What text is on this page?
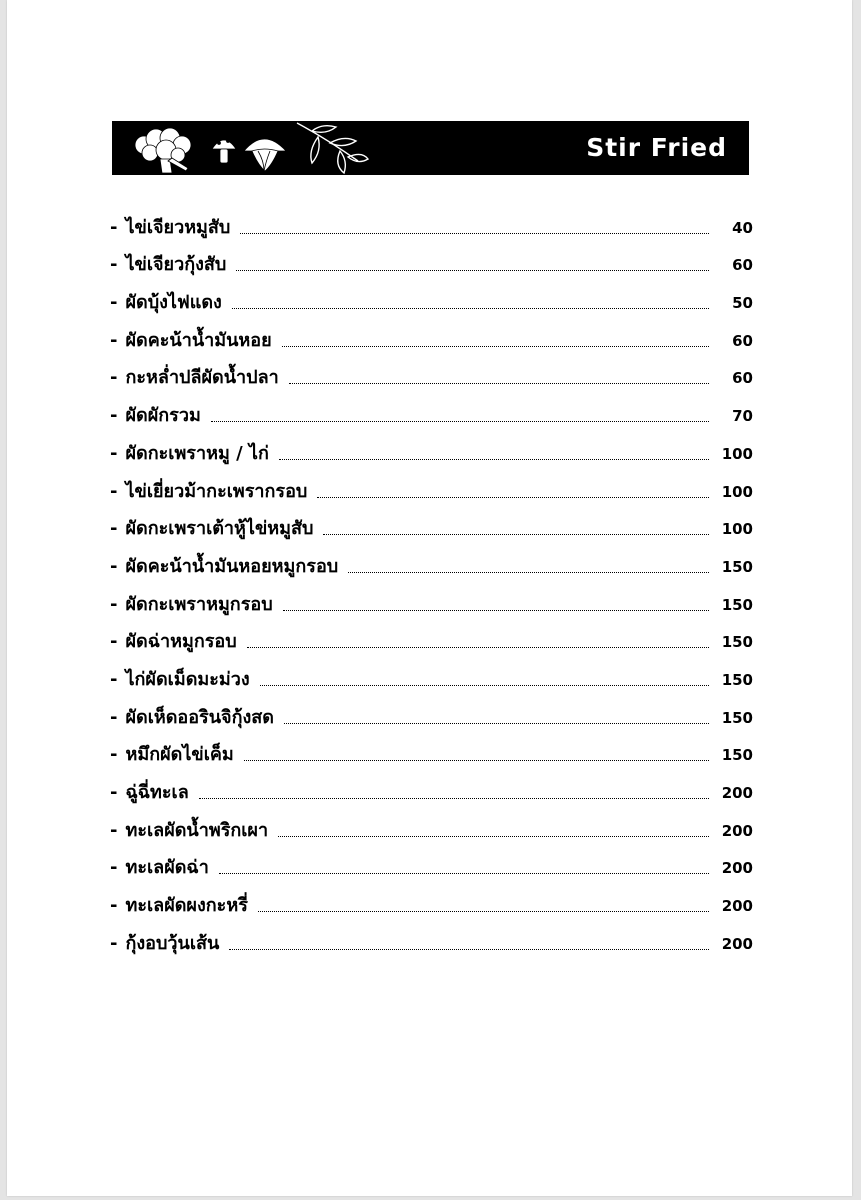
Stir Fried
- ไข่เจียวหมูสับ	40
- ไข่เจียวกุ้งสับ	60
- ผัดบุ้งไฟแดง	50
- ผัดคะน้าน้ำมันหอย	60
- กะหล่ำปลีผัดน้ำปลา	60
- ผัดผักรวม	70
- ผัดกะเพราหมู / ไก่	100
- ไข่เยี่ยวม้ากะเพรากรอบ	100
- ผัดกะเพราเต้าหู้ไข่หมูสับ	100
- ผัดคะน้าน้ำมันหอยหมูกรอบ	150
- ผัดกะเพราหมูกรอบ	150
- ผัดฉ่าหมูกรอบ	150
- ไก่ผัดเม็ดมะม่วง	150
- ผัดเห็ดออรินจิกุ้งสด	150
- หมึกผัดไข่เค็ม	150
- ฉู่ฉี่ทะเล	200
- ทะเลผัดน้ำพริกเผา	200
- ทะเลผัดฉ่า	200
- ทะเลผัดผงกะหรี่	200
- กุ้งอบวุ้นเส้น	200
